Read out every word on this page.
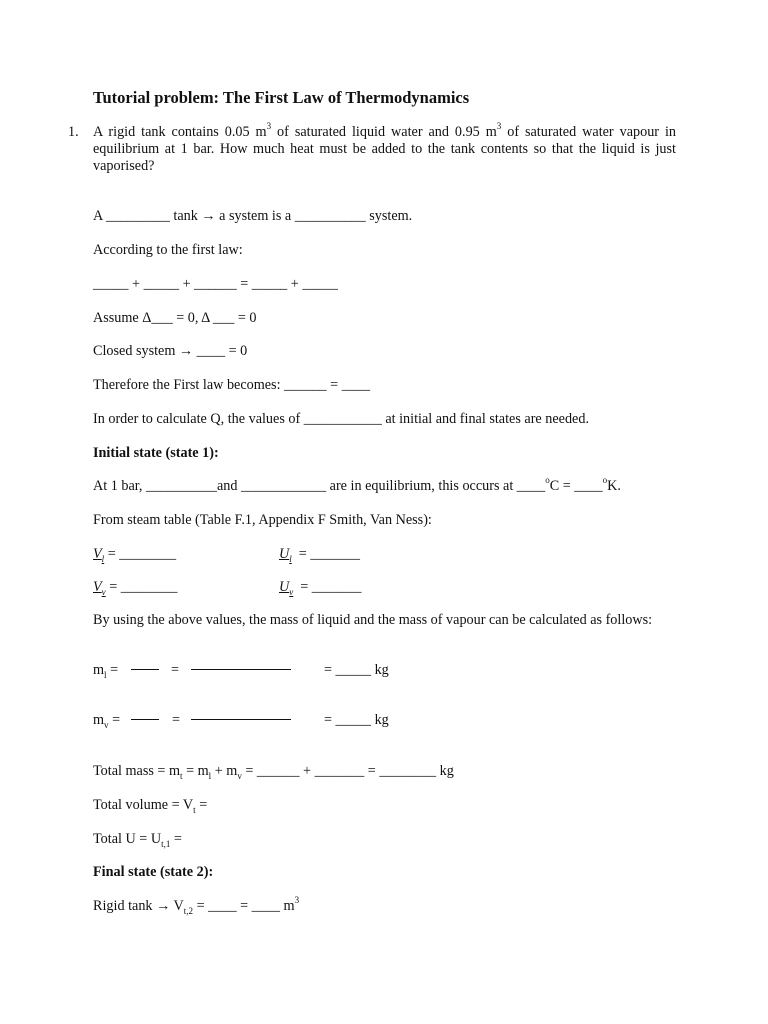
Tutorial problem: The First Law of Thermodynamics
1. A rigid tank contains 0.05 $m^3$ of saturated liquid water and 0.95 $m^3$ of saturated water vapour in equilibrium at 1 bar. How much heat must be added to the tank contents so that the liquid is just vaporised?
A _________ tank → a system is a __________ system.
According to the first law:
_____ + _____ + ______ = _____ + _____
Assume Δ___ = 0, Δ ___ = 0
Closed system → ____ = 0
Therefore the First law becomes: ______ = ____
In order to calculate Q, the values of ___________ at initial and final states are needed.
Initial state (state 1):
At 1 bar, __________and ____________ are in equilibrium, this occurs at ____$^o$C = ____$^o$K.
From steam table (Table F.1, Appendix F Smith, Van Ness):
$V_l$ = ________	$U_l$ = _______
$V_v$ = ________	$U_v$ = _______
By using the above values, the mass of liquid and the mass of vapour can be calculated as follows:
$m_l$ =	=	= _____ kg
$m_v$ =	=	= _____ kg
Total mass = $m_t = m_l + m_v$ = ______ + _______ = ________ kg
Total volume = $V_t$ =
Total $U = U_{t,1}$ =
Final state (state 2):
Rigid $\tan k \to V_{t,2}$ = ____ = ____ $m^3$
